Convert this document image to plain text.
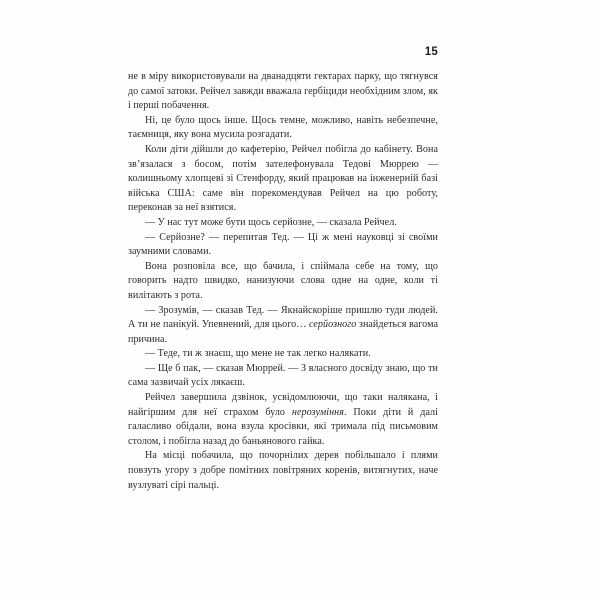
15

не в міру використовували на дванадцяти гектарах парку, що тягнувся до самої затоки. Рейчел завжди вважала гербіциди необхідним злом, як і перші побачення.

Ні, це було щось інше. Щось темне, можливо, навіть небезпечне, таємниця, яку вона мусила розгадати.

Коли діти дійшли до кафетерію, Рейчел побігла до кабінету. Вона зв’язалася з босом, потім зателефонувала Тедові Мюррею — колишньому хлопцеві зі Стенфорду, який працював на інженерній базі війська США: саме він порекомендував Рейчел на цю роботу, переконав за неї взятися.

— У нас тут може бути щось серйозне, — сказала Рейчел.

— Серйозне? — перепитав Тед. — Ці ж мені науковці зі своїми заумними словами.

Вона розповіла все, що бачила, і спіймала себе на тому, що говорить надто швидко, нанизуючи слова одне на одне, коли ті вилітають з рота.

— Зрозумів, — сказав Тед. — Якнайскоріше пришлю туди людей. А ти не панікуй. Упевнений, для цього… серйозного знайдеться вагома причина.

— Теде, ти ж знаєш, що мене не так легко налякати.

— Ще б пак, — сказав Мюррей. — З власного досвіду знаю, що ти сама зазвичай усіх лякаєш.

Рейчел завершила дзвінок, усвідомлюючи, що таки налякана, і найгіршим для неї страхом було нерозуміння. Поки діти й далі галасливо обідали, вона взула кросівки, які тримала під письмовим столом, і побігла назад до баньянового гайка.

На місці побачила, що почорнілих дерев побільшало і плями повзуть угору з добре помітних повітряних коренів, витягнутих, наче вузлуваті сірі пальці.
